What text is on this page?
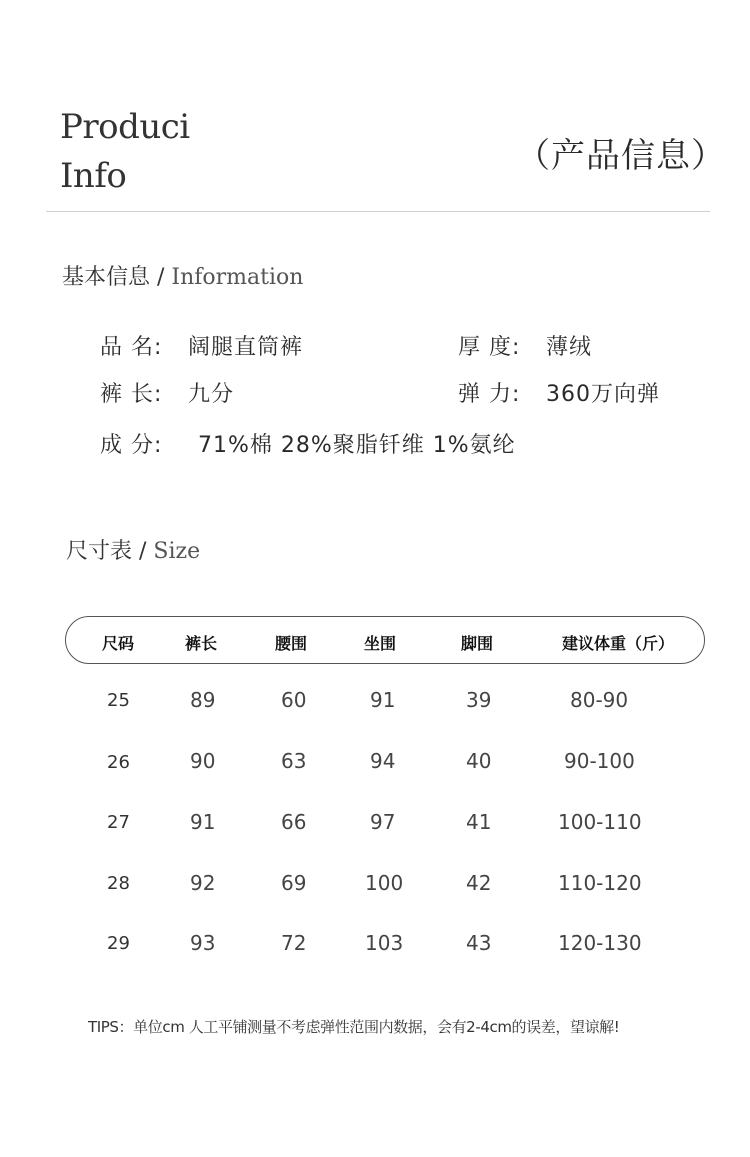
Produci
Info	（产品信息）
基本信息 / Information
品 名: 阔腿直筒裤	厚 度: 薄绒
裤 长: 九分	弹 力: 360万向弹
成 分: 71%棉 28%聚脂钎维 1%氨纶
尺寸表 / Size
尺码	裤长	腰围	坐围	脚围	建议体重（斤）
25	89	60	91	39	80-90
26	90	63	94	40	90-100
27	91	66	97	41	100-110
28	92	69	100	42	110-120
29	93	72	103	43	120-130
TIPS：单位cm 人工平铺测量不考虑弹性范围内数据，会有2-4cm的误差，望谅解!
